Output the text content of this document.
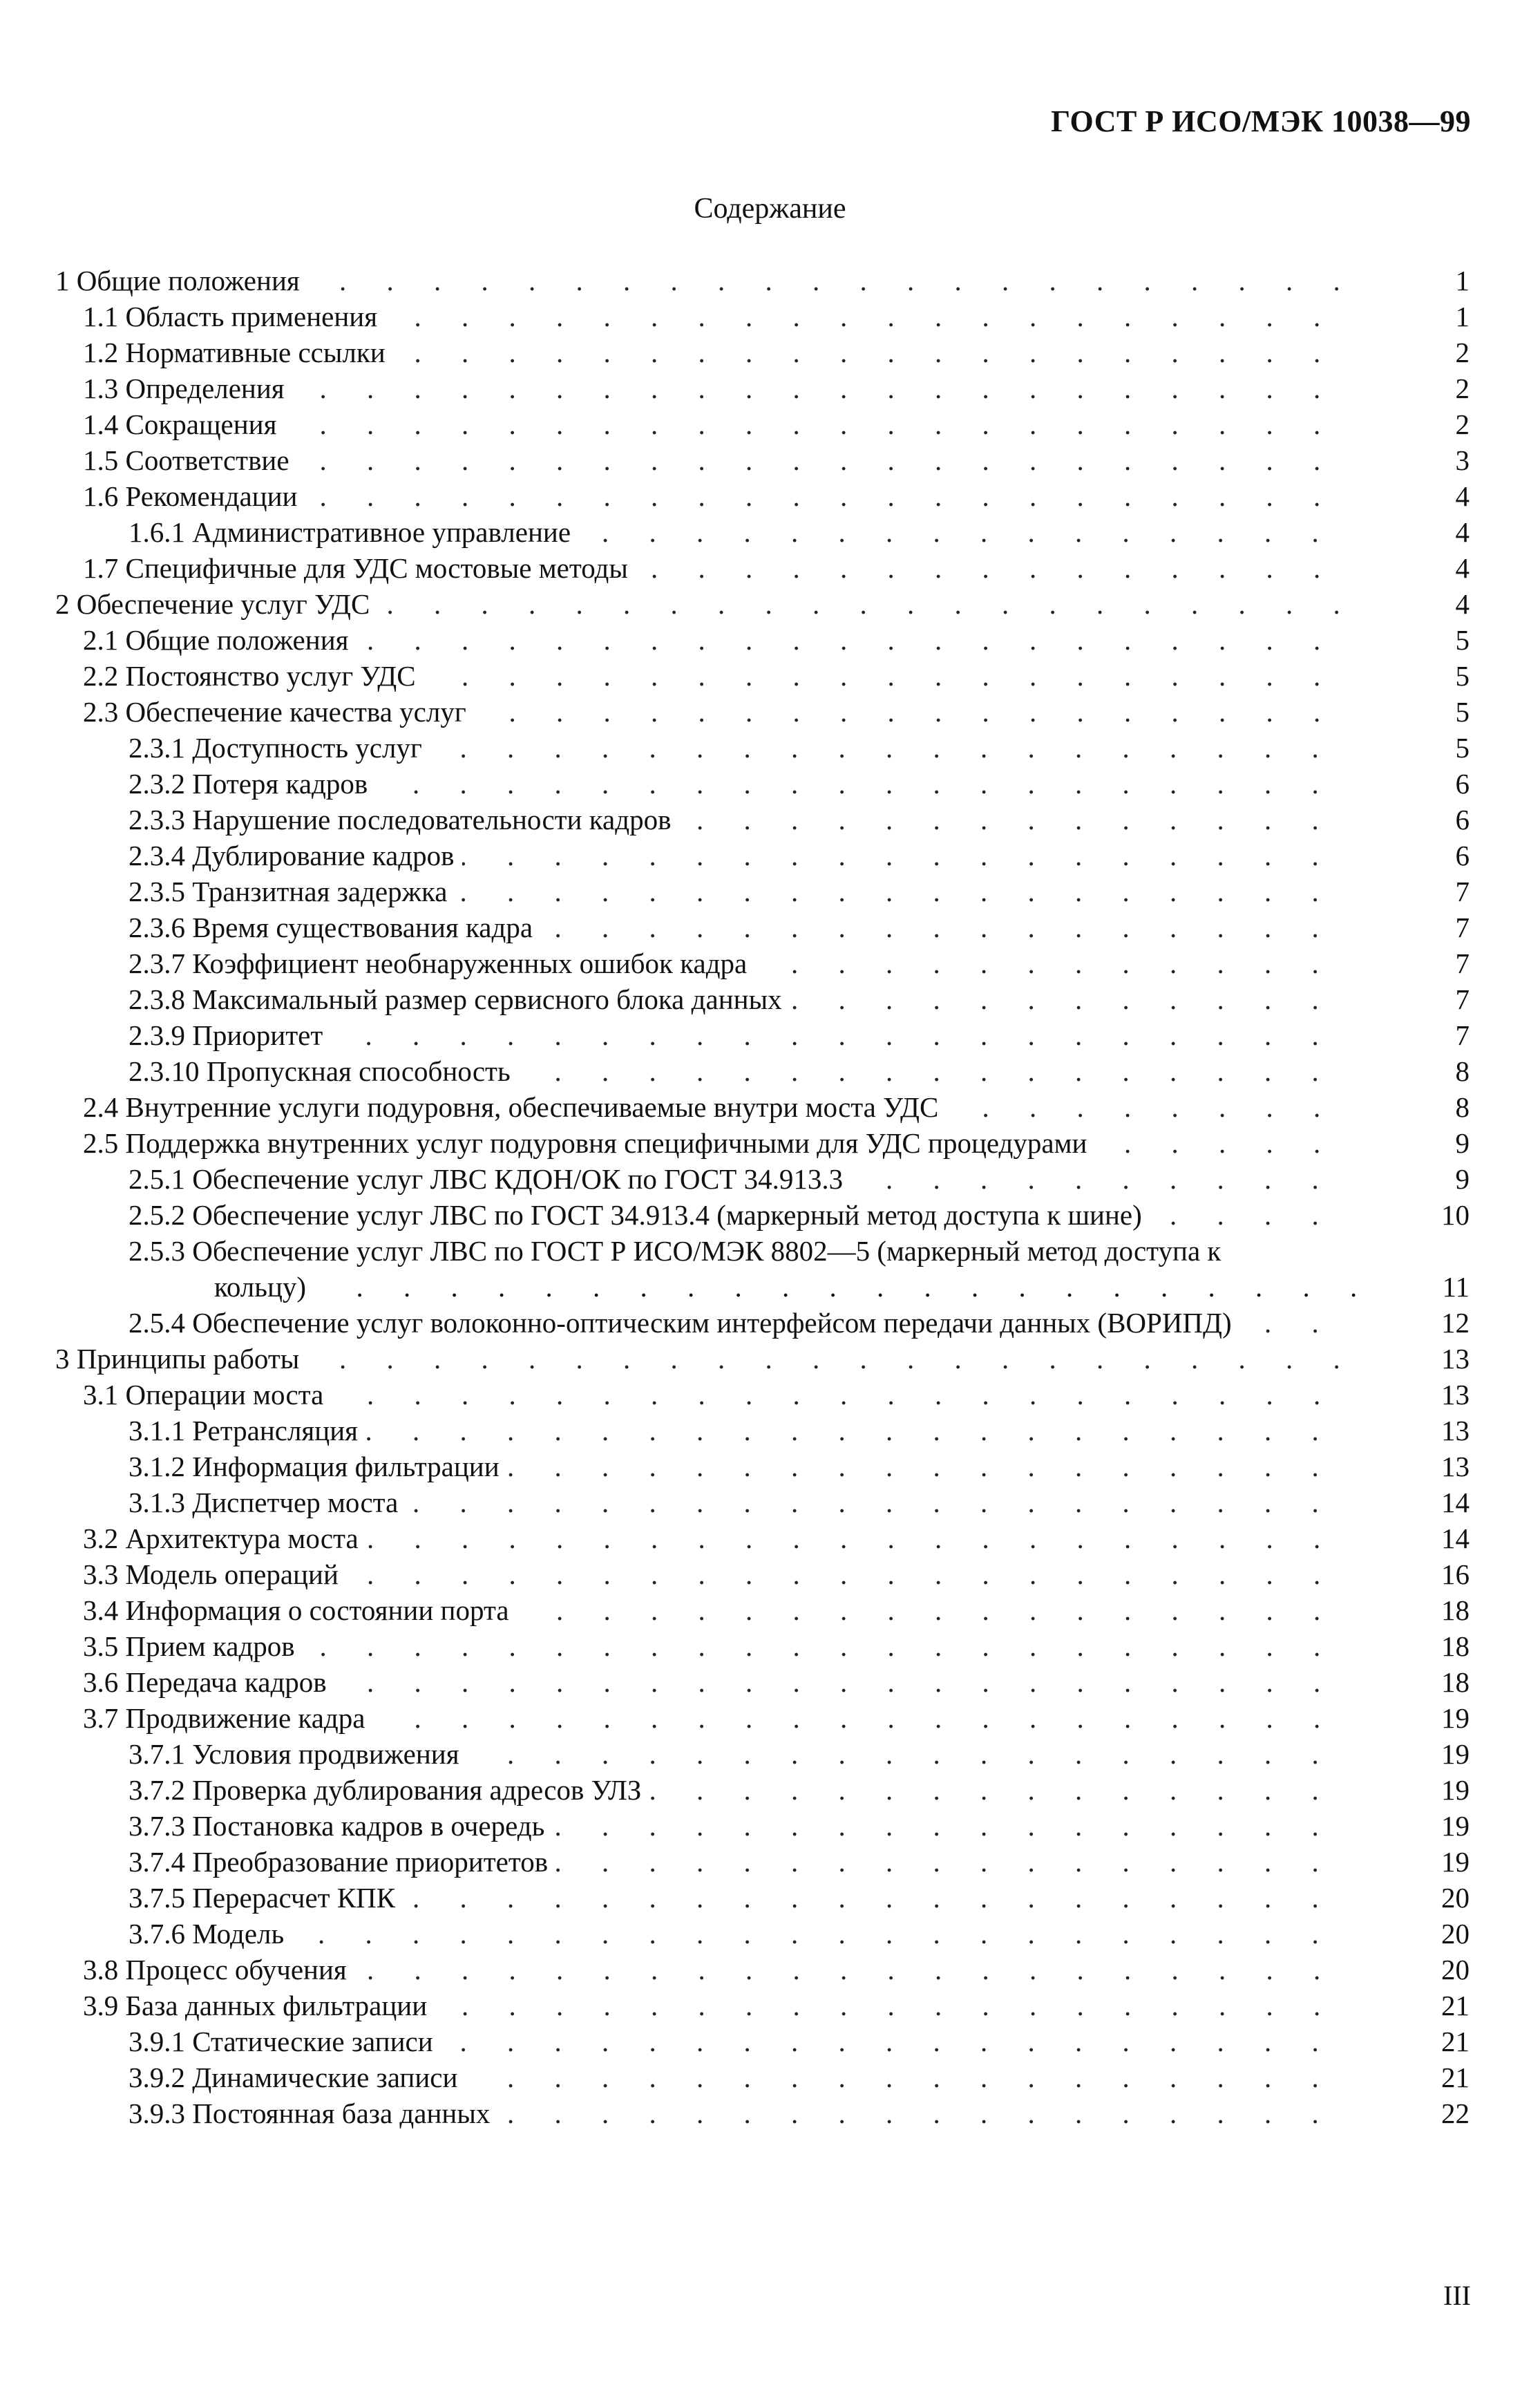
ГОСТ Р ИСО/МЭК 10038—99
Содержание
1 Общие положения . . .	1
1.1 Область применения . . .	1
1.2 Нормативные ссылки . . .	2
1.3 Определения . . .	2
1.4 Сокращения . . .	2
1.5 Соответствие . . .	3
1.6 Рекомендации . . .	4
1.6.1 Административное управление . . .	4
1.7 Специфичные для УДС мостовые методы . . .	4
2 Обеспечение услуг УДС . . .	4
2.1 Общие положения . . .	5
2.2 Постоянство услуг УДС . . .	5
2.3 Обеспечение качества услуг . . .	5
2.3.1 Доступность услуг . . .	5
2.3.2 Потеря кадров . . .	6
2.3.3 Нарушение последовательности кадров . . .	6
2.3.4 Дублирование кадров . . .	6
2.3.5 Транзитная задержка . . .	7
2.3.6 Время существования кадра . . .	7
2.3.7 Коэффициент необнаруженных ошибок кадра . . .	7
2.3.8 Максимальный размер сервисного блока данных . . .	7
2.3.9 Приоритет . . .	7
2.3.10 Пропускная способность . . .	8
2.4 Внутренние услуги подуровня, обеспечиваемые внутри моста УДС . . .	8
2.5 Поддержка внутренних услуг подуровня специфичными для УДС процедурами . . .	9
2.5.1 Обеспечение услуг ЛВС КДОН/ОК по ГОСТ 34.913.3 . . .	9
2.5.2 Обеспечение услуг ЛВС по ГОСТ 34.913.4 (маркерный метод доступа к шине) . . .	10
2.5.3 Обеспечение услуг ЛВС по ГОСТ Р ИСО/МЭК 8802—5 (маркерный метод доступа к
кольцу) . . .	11
2.5.4 Обеспечение услуг волоконно-оптическим интерфейсом передачи данных (ВОРИПД) . . .	12
3 Принципы работы . . .	13
3.1 Операции моста . . .	13
3.1.1 Ретрансляция . . .	13
3.1.2 Информация фильтрации . . .	13
3.1.3 Диспетчер моста . . .	14
3.2 Архитектура моста . . .	14
3.3 Модель операций . . .	16
3.4 Информация о состоянии порта . . .	18
3.5 Прием кадров . . .	18
3.6 Передача кадров . . .	18
3.7 Продвижение кадра . . .	19
3.7.1 Условия продвижения . . .	19
3.7.2 Проверка дублирования адресов УЛЗ . . .	19
3.7.3 Постановка кадров в очередь . . .	19
3.7.4 Преобразование приоритетов . . .	19
3.7.5 Перерасчет КПК . . .	20
3.7.6 Модель . . .	20
3.8 Процесс обучения . . .	20
3.9 База данных фильтрации . . .	21
3.9.1 Статические записи . . .	21
3.9.2 Динамические записи . . .	21
3.9.3 Постоянная база данных . . .	22
III
